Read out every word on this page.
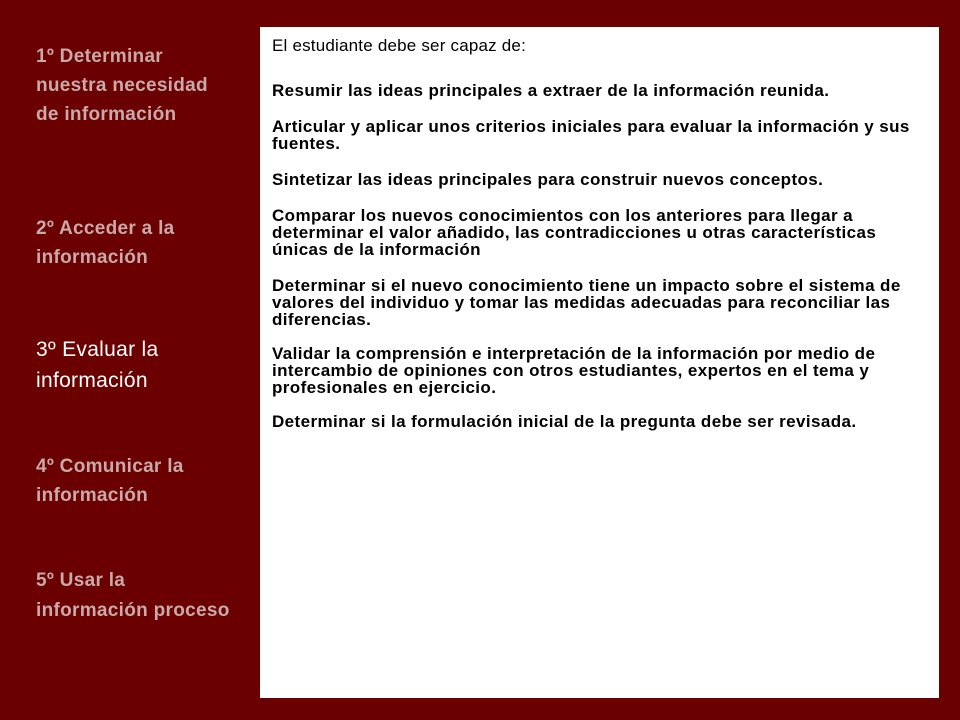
1º Determinar nuestra necesidad de información
2º Acceder a la información
3º Evaluar la información
4º Comunicar la información
5º Usar la información proceso

El estudiante debe ser capaz de:

Resumir las ideas principales a extraer de la información reunida.

Articular y aplicar unos criterios iniciales para evaluar la información y sus fuentes.

Sintetizar las ideas principales para construir nuevos conceptos.

Comparar los nuevos conocimientos con los anteriores para llegar a determinar el valor añadido, las contradicciones u otras características únicas de la información

Determinar si el nuevo conocimiento tiene un impacto sobre el sistema de valores del individuo y tomar las medidas adecuadas para reconciliar las diferencias.

Validar la comprensión e interpretación de la información por medio de intercambio de opiniones con otros estudiantes, expertos en el tema y profesionales en ejercicio.

Determinar si la formulación inicial de la pregunta debe ser revisada.
